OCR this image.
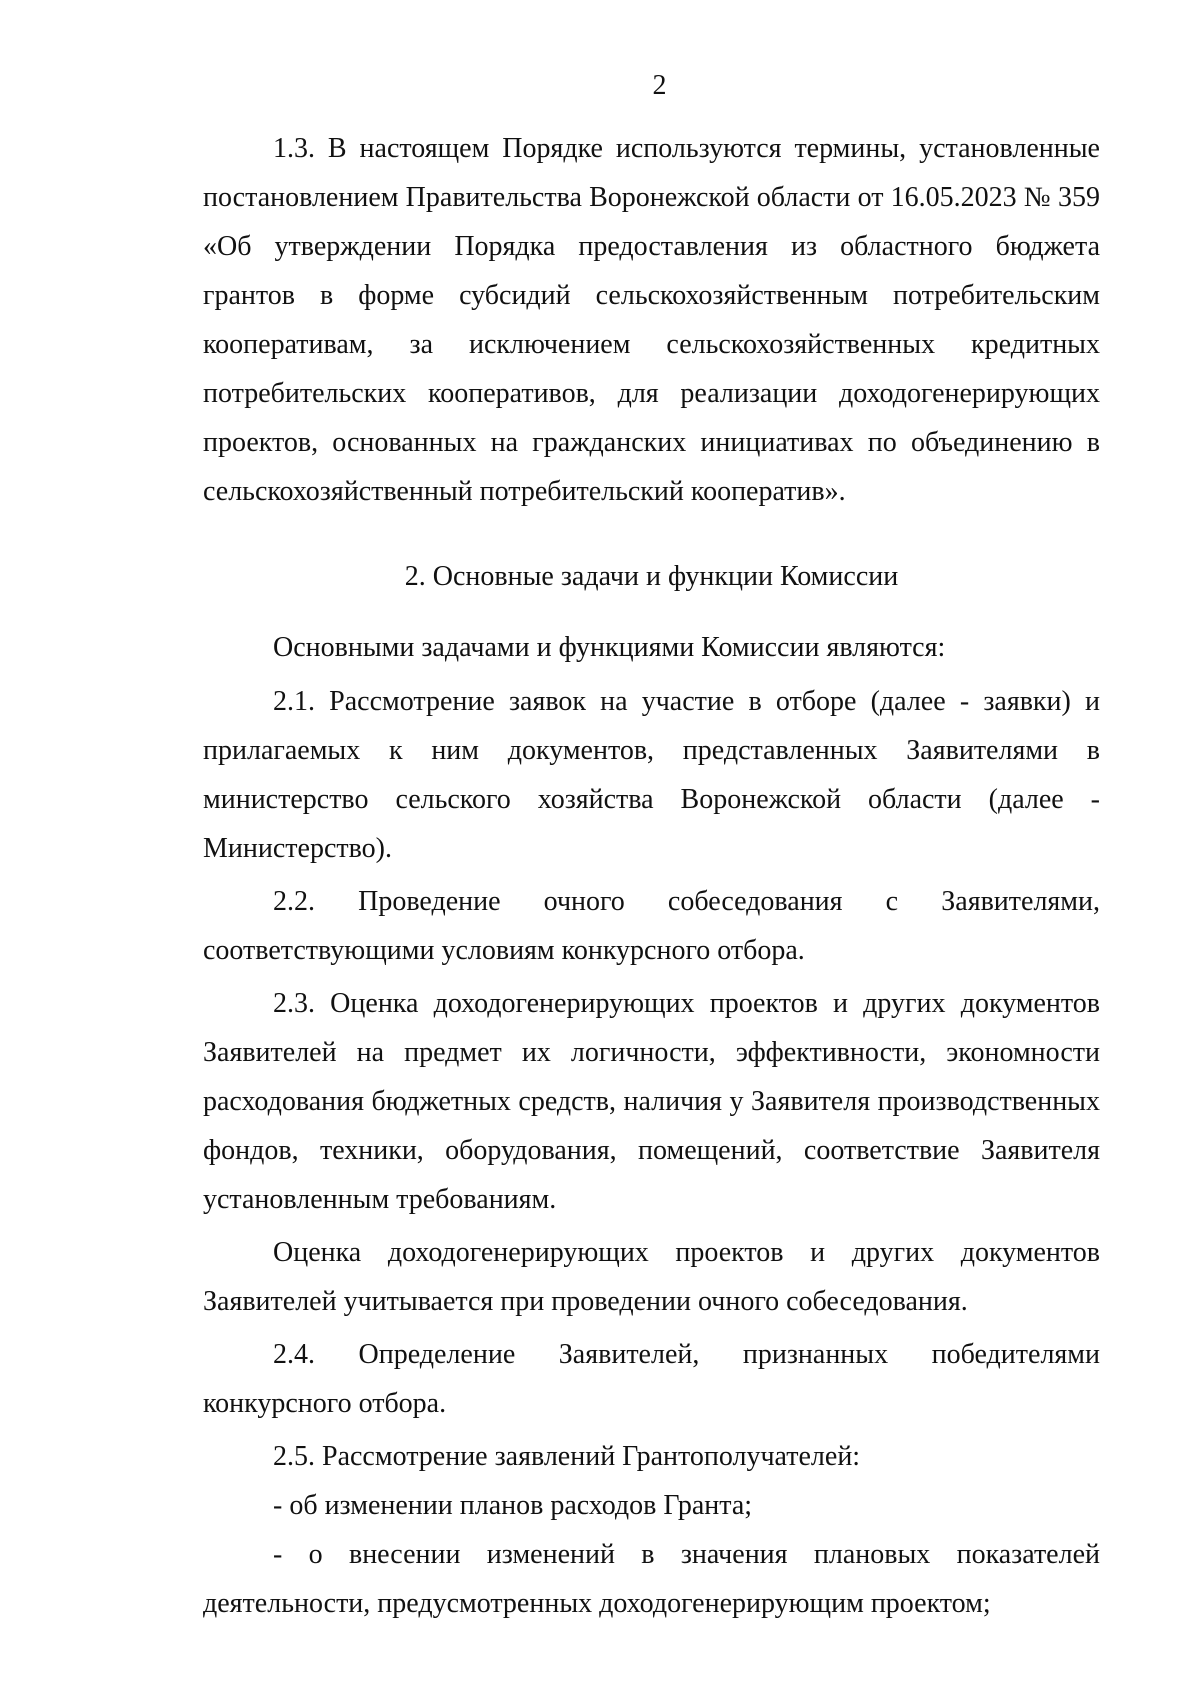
2

1.3. В настоящем Порядке используются термины, установленные постановлением Правительства Воронежской области от 16.05.2023 № 359 «Об утверждении Порядка предоставления из областного бюджета грантов в форме субсидий сельскохозяйственным потребительским кооперативам, за исключением сельскохозяйственных кредитных потребительских кооперативов, для реализации доходогенерирующих проектов, основанных на гражданских инициативах по объединению в сельскохозяйственный потребительский кооператив».

2. Основные задачи и функции Комиссии

Основными задачами и функциями Комиссии являются:

2.1. Рассмотрение заявок на участие в отборе (далее - заявки) и прилагаемых к ним документов, представленных Заявителями в министерство сельского хозяйства Воронежской области (далее - Министерство).

2.2. Проведение очного собеседования с Заявителями, соответствующими условиям конкурсного отбора.

2.3. Оценка доходогенерирующих проектов и других документов Заявителей на предмет их логичности, эффективности, экономности расходования бюджетных средств, наличия у Заявителя производственных фондов, техники, оборудования, помещений, соответствие Заявителя установленным требованиям.

Оценка доходогенерирующих проектов и других документов Заявителей учитывается при проведении очного собеседования.

2.4. Определение Заявителей, признанных победителями конкурсного отбора.

2.5. Рассмотрение заявлений Грантополучателей:

- об изменении планов расходов Гранта;

- о внесении изменений в значения плановых показателей деятельности, предусмотренных доходогенерирующим проектом;
